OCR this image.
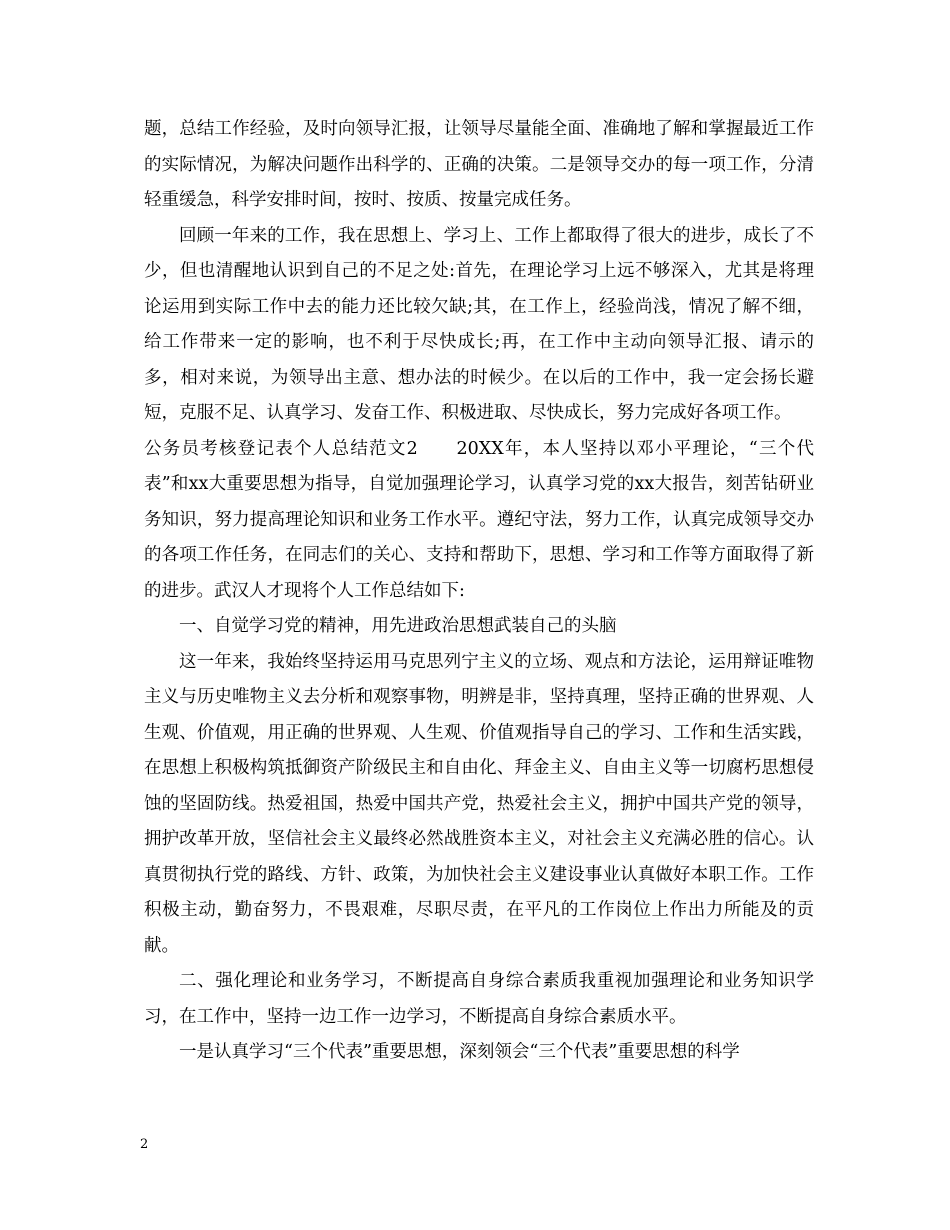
题，总结工作经验，及时向领导汇报，让领导尽量能全面、准确地了解和掌握最近工作的实际情况，为解决问题作出科学的、正确的决策。二是领导交办的每一项工作，分清轻重缓急，科学安排时间，按时、按质、按量完成任务。

回顾一年来的工作，我在思想上、学习上、工作上都取得了很大的进步，成长了不少，但也清醒地认识到自己的不足之处:首先，在理论学习上远不够深入，尤其是将理论运用到实际工作中去的能力还比较欠缺;其，在工作上，经验尚浅，情况了解不细，给工作带来一定的影响，也不利于尽快成长;再，在工作中主动向领导汇报、请示的多，相对来说，为领导出主意、想办法的时候少。在以后的工作中，我一定会扬长避短，克服不足、认真学习、发奋工作、积极进取、尽快成长，努力完成好各项工作。

公务员考核登记表个人总结范文2　　20XX年，本人坚持以邓小平理论，“三个代表”和xx大重要思想为指导，自觉加强理论学习，认真学习党的xx大报告，刻苦钻研业务知识，努力提高理论知识和业务工作水平。遵纪守法，努力工作，认真完成领导交办的各项工作任务，在同志们的关心、支持和帮助下，思想、学习和工作等方面取得了新的进步。武汉人才现将个人工作总结如下:

一、自觉学习党的精神，用先进政治思想武装自己的头脑

这一年来，我始终坚持运用马克思列宁主义的立场、观点和方法论，运用辩证唯物主义与历史唯物主义去分析和观察事物，明辨是非，坚持真理，坚持正确的世界观、人生观、价值观，用正确的世界观、人生观、价值观指导自己的学习、工作和生活实践，在思想上积极构筑抵御资产阶级民主和自由化、拜金主义、自由主义等一切腐朽思想侵蚀的坚固防线。热爱祖国，热爱中国共产党，热爱社会主义，拥护中国共产党的领导，拥护改革开放，坚信社会主义最终必然战胜资本主义，对社会主义充满必胜的信心。认真贯彻执行党的路线、方针、政策，为加快社会主义建设事业认真做好本职工作。工作积极主动，勤奋努力，不畏艰难，尽职尽责，在平凡的工作岗位上作出力所能及的贡献。

二、强化理论和业务学习，不断提高自身综合素质我重视加强理论和业务知识学习，在工作中，坚持一边工作一边学习，不断提高自身综合素质水平。

一是认真学习“三个代表”重要思想，深刻领会“三个代表”重要思想的科学

2
